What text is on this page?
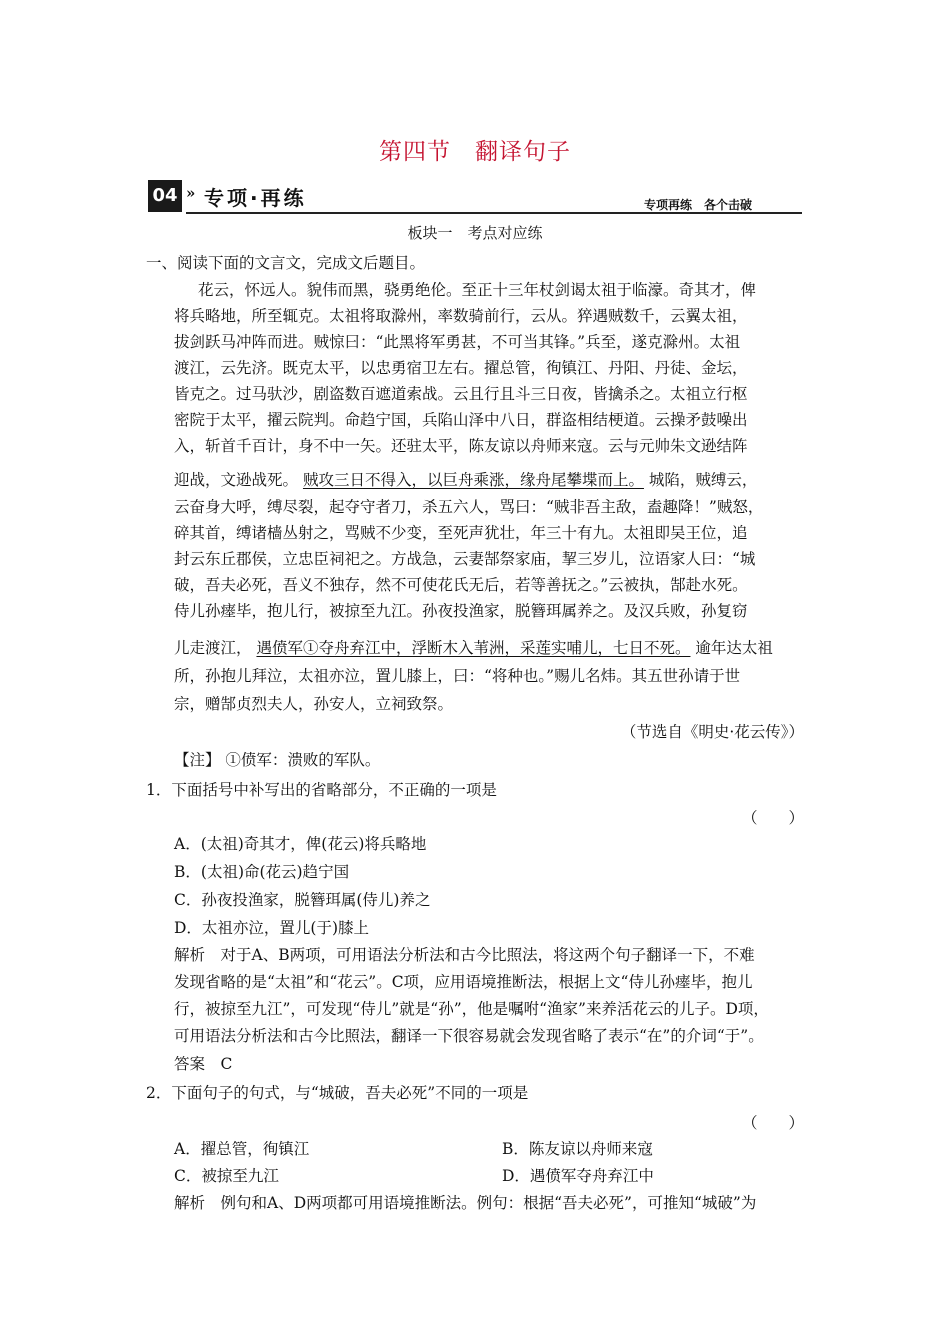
第四节　翻译句子
04 » 专项·再练	专项再练　各个击破
板块一　考点对应练
一、阅读下面的文言文，完成文后题目。
花云，怀远人。貌伟而黑，骁勇绝伦。至正十三年杖剑谒太祖于临濠。奇其才，俾
将兵略地，所至辄克。太祖将取滁州，率数骑前行，云从。猝遇贼数千，云翼太祖，
拔剑跃马冲阵而进。贼惊曰：“此黑将军勇甚，不可当其锋。”兵至，遂克滁州。太祖
渡江，云先济。既克太平，以忠勇宿卫左右。擢总管，徇镇江、丹阳、丹徒、金坛，
皆克之。过马驮沙，剧盗数百遮道索战。云且行且斗三日夜，皆擒杀之。太祖立行枢
密院于太平，擢云院判。命趋宁国，兵陷山泽中八日，群盗相结梗道。云操矛鼓噪出
入，斩首千百计，身不中一矢。还驻太平，陈友谅以舟师来寇。云与元帅朱文逊结阵
迎战，文逊战死。 贼攻三日不得入，以巨舟乘涨，缘舟尾攀堞而上。 城陷，贼缚云，
云奋身大呼，缚尽裂，起夺守者刀，杀五六人，骂曰：“贼非吾主敌，盍趣降！”贼怒，
碎其首，缚诸樯丛射之，骂贼不少变，至死声犹壮，年三十有九。太祖即吴王位，追
封云东丘郡侯，立忠臣祠祀之。方战急，云妻郜祭家庙，挈三岁儿，泣语家人曰：“城
破，吾夫必死，吾义不独存，然不可使花氏无后，若等善抚之。”云被执，郜赴水死。
侍儿孙瘗毕，抱儿行，被掠至九江。孙夜投渔家，脱簪珥属养之。及汉兵败，孙复窃
儿走渡江， 遇偾军①夺舟弃江中，浮断木入苇洲，采莲实哺儿，七日不死。 逾年达太祖
所，孙抱儿拜泣，太祖亦泣，置儿膝上，曰：“将种也。”赐儿名炜。其五世孙请于世
宗，赠郜贞烈夫人，孙安人，立祠致祭。
（节选自《明史·花云传》）
【注】 ①偾军：溃败的军队。
1．下面括号中补写出的省略部分，不正确的一项是
（　　）
A．(太祖)奇其才，俾(花云)将兵略地
B．(太祖)命(花云)趋宁国
C．孙夜投渔家，脱簪珥属(侍儿)养之
D．太祖亦泣，置儿(于)膝上
解析　对于A、B两项，可用语法分析法和古今比照法，将这两个句子翻译一下，不难
发现省略的是“太祖”和“花云”。C项，应用语境推断法，根据上文“侍儿孙瘗毕，抱儿
行，被掠至九江”，可发现“侍儿”就是“孙”，他是嘱咐“渔家”来养活花云的儿子。D项，
可用语法分析法和古今比照法，翻译一下很容易就会发现省略了表示“在”的介词“于”。
答案　C
2．下面句子的句式，与“城破，吾夫必死”不同的一项是
（　　）
A．擢总管，徇镇江	B．陈友谅以舟师来寇
C．被掠至九江	D．遇偾军夺舟弃江中
解析　例句和A、D两项都可用语境推断法。例句：根据“吾夫必死”，可推知“城破”为
